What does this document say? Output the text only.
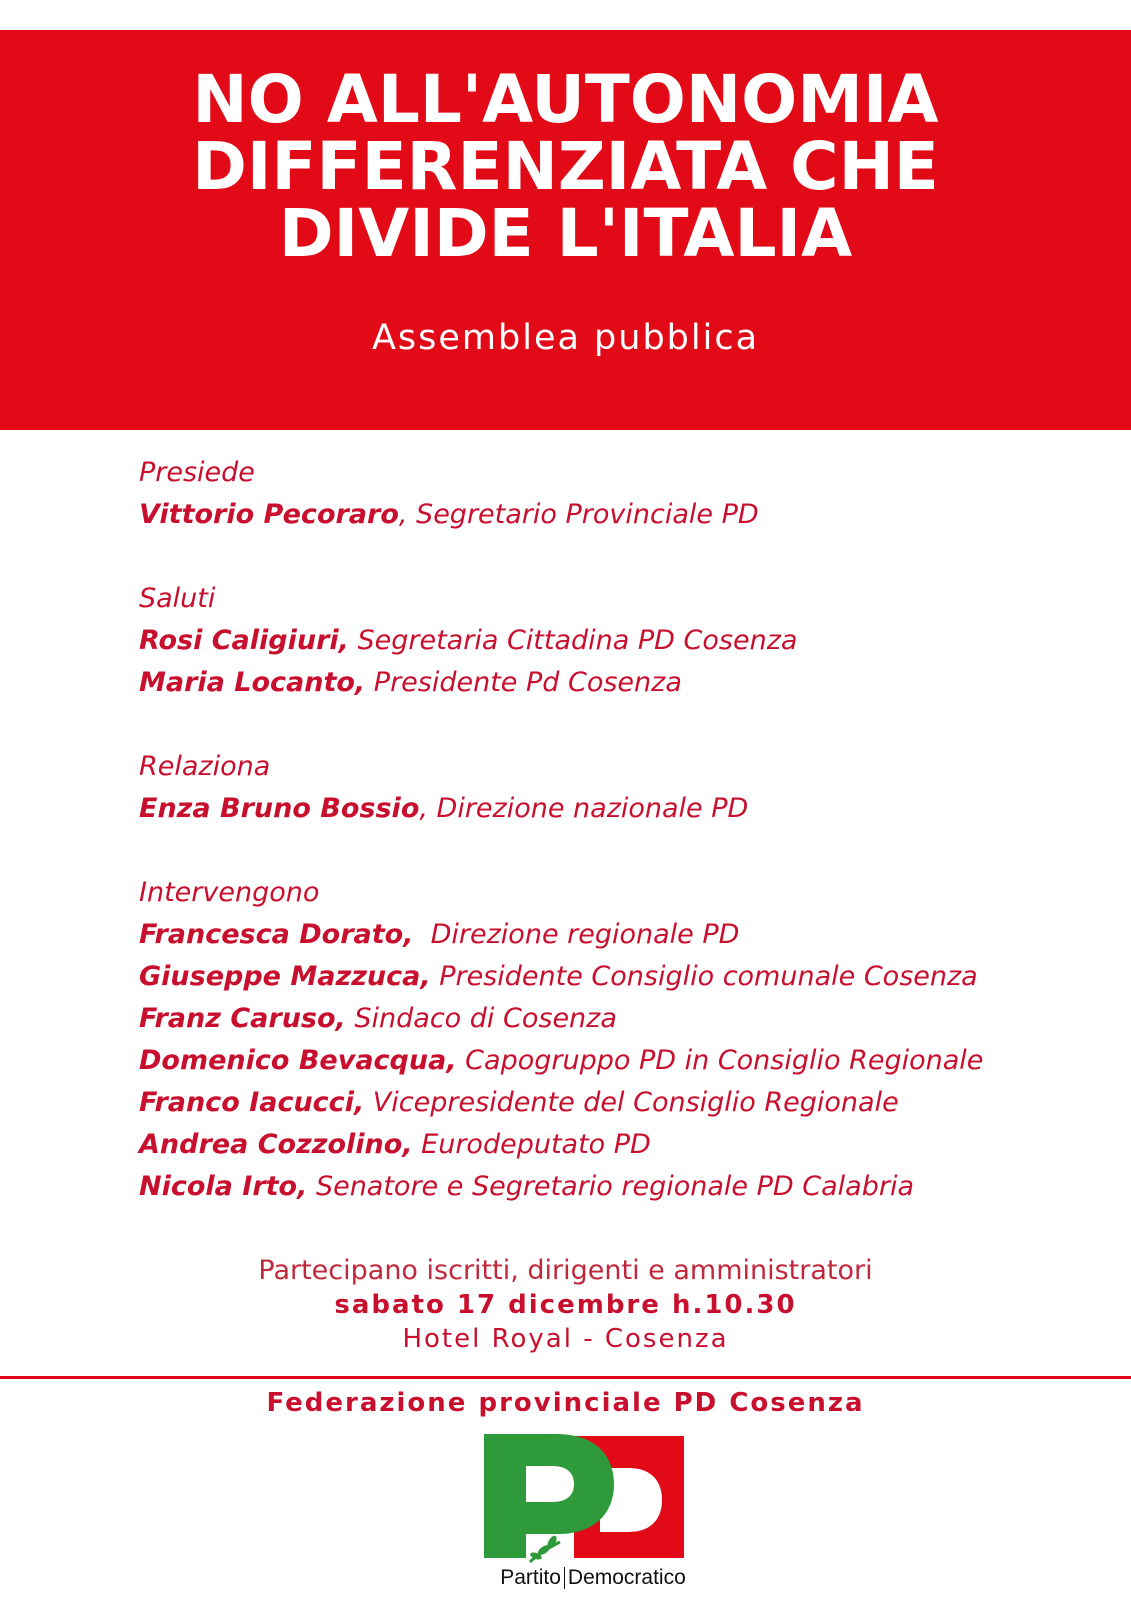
NO ALL'AUTONOMIA
DIFFERENZIATA CHE
DIVIDE L'ITALIA
Assemblea pubblica
Presiede
Vittorio Pecoraro, Segretario Provinciale PD
Saluti
Rosi Caligiuri, Segretaria Cittadina PD Cosenza
Maria Locanto, Presidente Pd Cosenza
Relaziona
Enza Bruno Bossio, Direzione nazionale PD
Intervengono
Francesca Dorato,  Direzione regionale PD
Giuseppe Mazzuca, Presidente Consiglio comunale Cosenza
Franz Caruso, Sindaco di Cosenza
Domenico Bevacqua, Capogruppo PD in Consiglio Regionale
Franco Iacucci, Vicepresidente del Consiglio Regionale
Andrea Cozzolino, Eurodeputato PD
Nicola Irto, Senatore e Segretario regionale PD Calabria
Partecipano iscritti, dirigenti e amministratori
sabato 17 dicembre h.10.30
Hotel Royal - Cosenza
Federazione provinciale PD Cosenza
Partito Democratico
